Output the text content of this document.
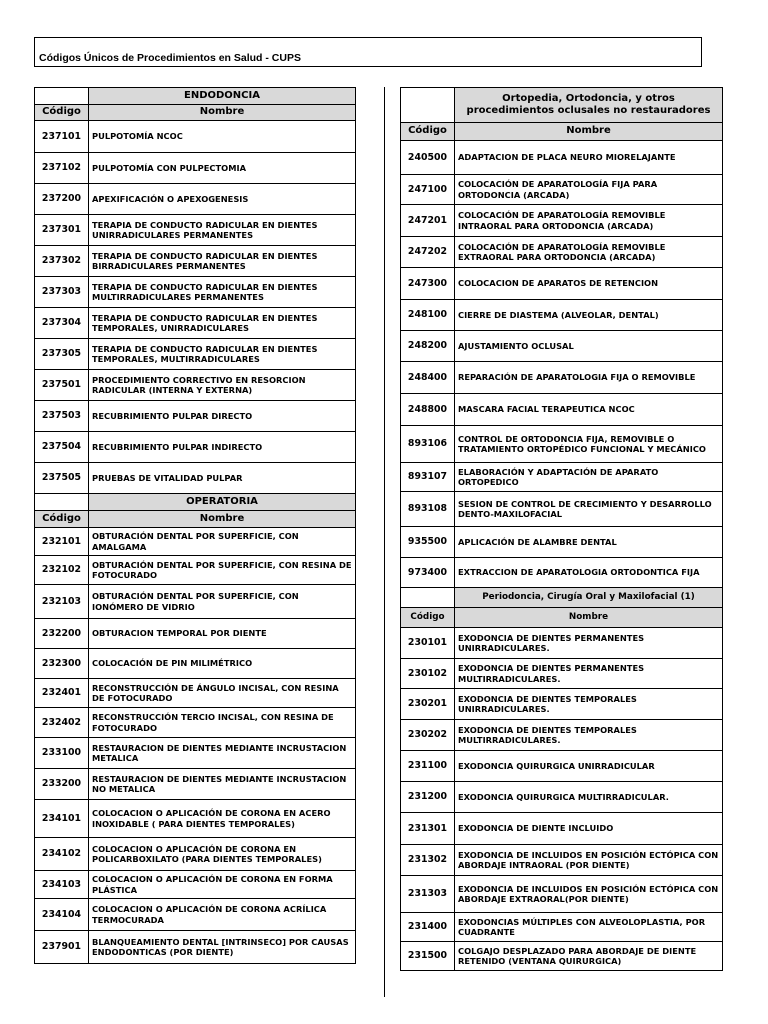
Códigos Únicos de Procedimientos en Salud - CUPS
	ENDODONCIA
Código	Nombre
237101	PULPOTOMÍA NCOC
237102	PULPOTOMÍA CON PULPECTOMIA
237200	APEXIFICACIÓN O APEXOGENESIS
237301	TERAPIA DE CONDUCTO RADICULAR EN DIENTES UNIRRADICULARES PERMANENTES
237302	TERAPIA DE CONDUCTO RADICULAR EN DIENTES BIRRADICULARES PERMANENTES
237303	TERAPIA DE CONDUCTO RADICULAR EN DIENTES MULTIRRADICULARES PERMANENTES
237304	TERAPIA DE CONDUCTO RADICULAR EN DIENTES TEMPORALES, UNIRRADICULARES
237305	TERAPIA DE CONDUCTO RADICULAR EN DIENTES TEMPORALES, MULTIRRADICULARES
237501	PROCEDIMIENTO CORRECTIVO EN RESORCION RADICULAR (INTERNA Y EXTERNA)
237503	RECUBRIMIENTO PULPAR DIRECTO
237504	RECUBRIMIENTO PULPAR INDIRECTO
237505	PRUEBAS DE VITALIDAD PULPAR
	OPERATORIA
Código	Nombre
232101	OBTURACIÓN DENTAL POR SUPERFICIE, CON AMALGAMA
232102	OBTURACIÓN DENTAL POR SUPERFICIE, CON RESINA DE FOTOCURADO
232103	OBTURACIÓN DENTAL POR SUPERFICIE, CON IONÓMERO DE VIDRIO
232200	OBTURACION TEMPORAL POR DIENTE
232300	COLOCACIÓN DE PIN MILIMÉTRICO
232401	RECONSTRUCCIÓN DE ÁNGULO INCISAL, CON RESINA DE FOTOCURADO
232402	RECONSTRUCCIÓN TERCIO INCISAL, CON RESINA DE FOTOCURADO
233100	RESTAURACION DE DIENTES MEDIANTE INCRUSTACION METALICA
233200	RESTAURACION DE DIENTES MEDIANTE INCRUSTACION NO METALICA
234101	COLOCACION O APLICACIÓN DE CORONA EN ACERO INOXIDABLE ( PARA DIENTES TEMPORALES)
234102	COLOCACION O APLICACIÓN DE CORONA EN POLICARBOXILATO (PARA DIENTES TEMPORALES)
234103	COLOCACION O APLICACIÓN DE CORONA EN FORMA PLÁSTICA
234104	COLOCACION O APLICACIÓN DE CORONA ACRÍLICA TERMOCURADA
237901	BLANQUEAMIENTO DENTAL [INTRINSECO] POR CAUSAS ENDODONTICAS (POR DIENTE)
	Ortopedia, Ortodoncia, y otros procedimientos oclusales no restauradores
Código	Nombre
240500	ADAPTACION DE PLACA NEURO MIORELAJANTE
247100	COLOCACIÓN DE APARATOLOGÍA FIJA PARA ORTODONCIA (ARCADA)
247201	COLOCACIÓN DE APARATOLOGÍA REMOVIBLE INTRAORAL PARA ORTODONCIA (ARCADA)
247202	COLOCACIÓN DE APARATOLOGÍA REMOVIBLE EXTRAORAL PARA ORTODONCIA (ARCADA)
247300	COLOCACION DE APARATOS DE RETENCION
248100	CIERRE DE DIASTEMA (ALVEOLAR, DENTAL)
248200	AJUSTAMIENTO OCLUSAL
248400	REPARACIÓN DE APARATOLOGIA FIJA O REMOVIBLE
248800	MASCARA FACIAL TERAPEUTICA NCOC
893106	CONTROL DE ORTODONCIA FIJA, REMOVIBLE O TRATAMIENTO ORTOPÉDICO FUNCIONAL Y MECÁNICO
893107	ELABORACIÓN Y ADAPTACIÓN DE APARATO ORTOPEDICO
893108	SESION DE CONTROL DE CRECIMIENTO Y DESARROLLO DENTO-MAXILOFACIAL
935500	APLICACIÓN DE ALAMBRE DENTAL
973400	EXTRACCION DE APARATOLOGIA ORTODONTICA FIJA
	Periodoncia, Cirugía Oral y Maxilofacial (1)
Código	Nombre
230101	EXODONCIA DE DIENTES PERMANENTES UNIRRADICULARES.
230102	EXODONCIA DE DIENTES PERMANENTES MULTIRRADICULARES.
230201	EXODONCIA DE DIENTES TEMPORALES UNIRRADICULARES.
230202	EXODONCIA DE DIENTES TEMPORALES MULTIRRADICULARES.
231100	EXODONCIA QUIRURGICA UNIRRADICULAR
231200	EXODONCIA QUIRURGICA MULTIRRADICULAR.
231301	EXODONCIA DE DIENTE INCLUIDO
231302	EXODONCIA DE INCLUIDOS EN POSICIÓN ECTÓPICA CON ABORDAJE INTRAORAL (POR DIENTE)
231303	EXODONCIA DE INCLUIDOS EN POSICIÓN ECTÓPICA CON ABORDAJE EXTRAORAL(POR DIENTE)
231400	EXODONCIAS MÚLTIPLES CON ALVEOLOPLASTIA, POR CUADRANTE
231500	COLGAJO DESPLAZADO PARA ABORDAJE DE DIENTE RETENIDO (VENTANA QUIRURGICA)
